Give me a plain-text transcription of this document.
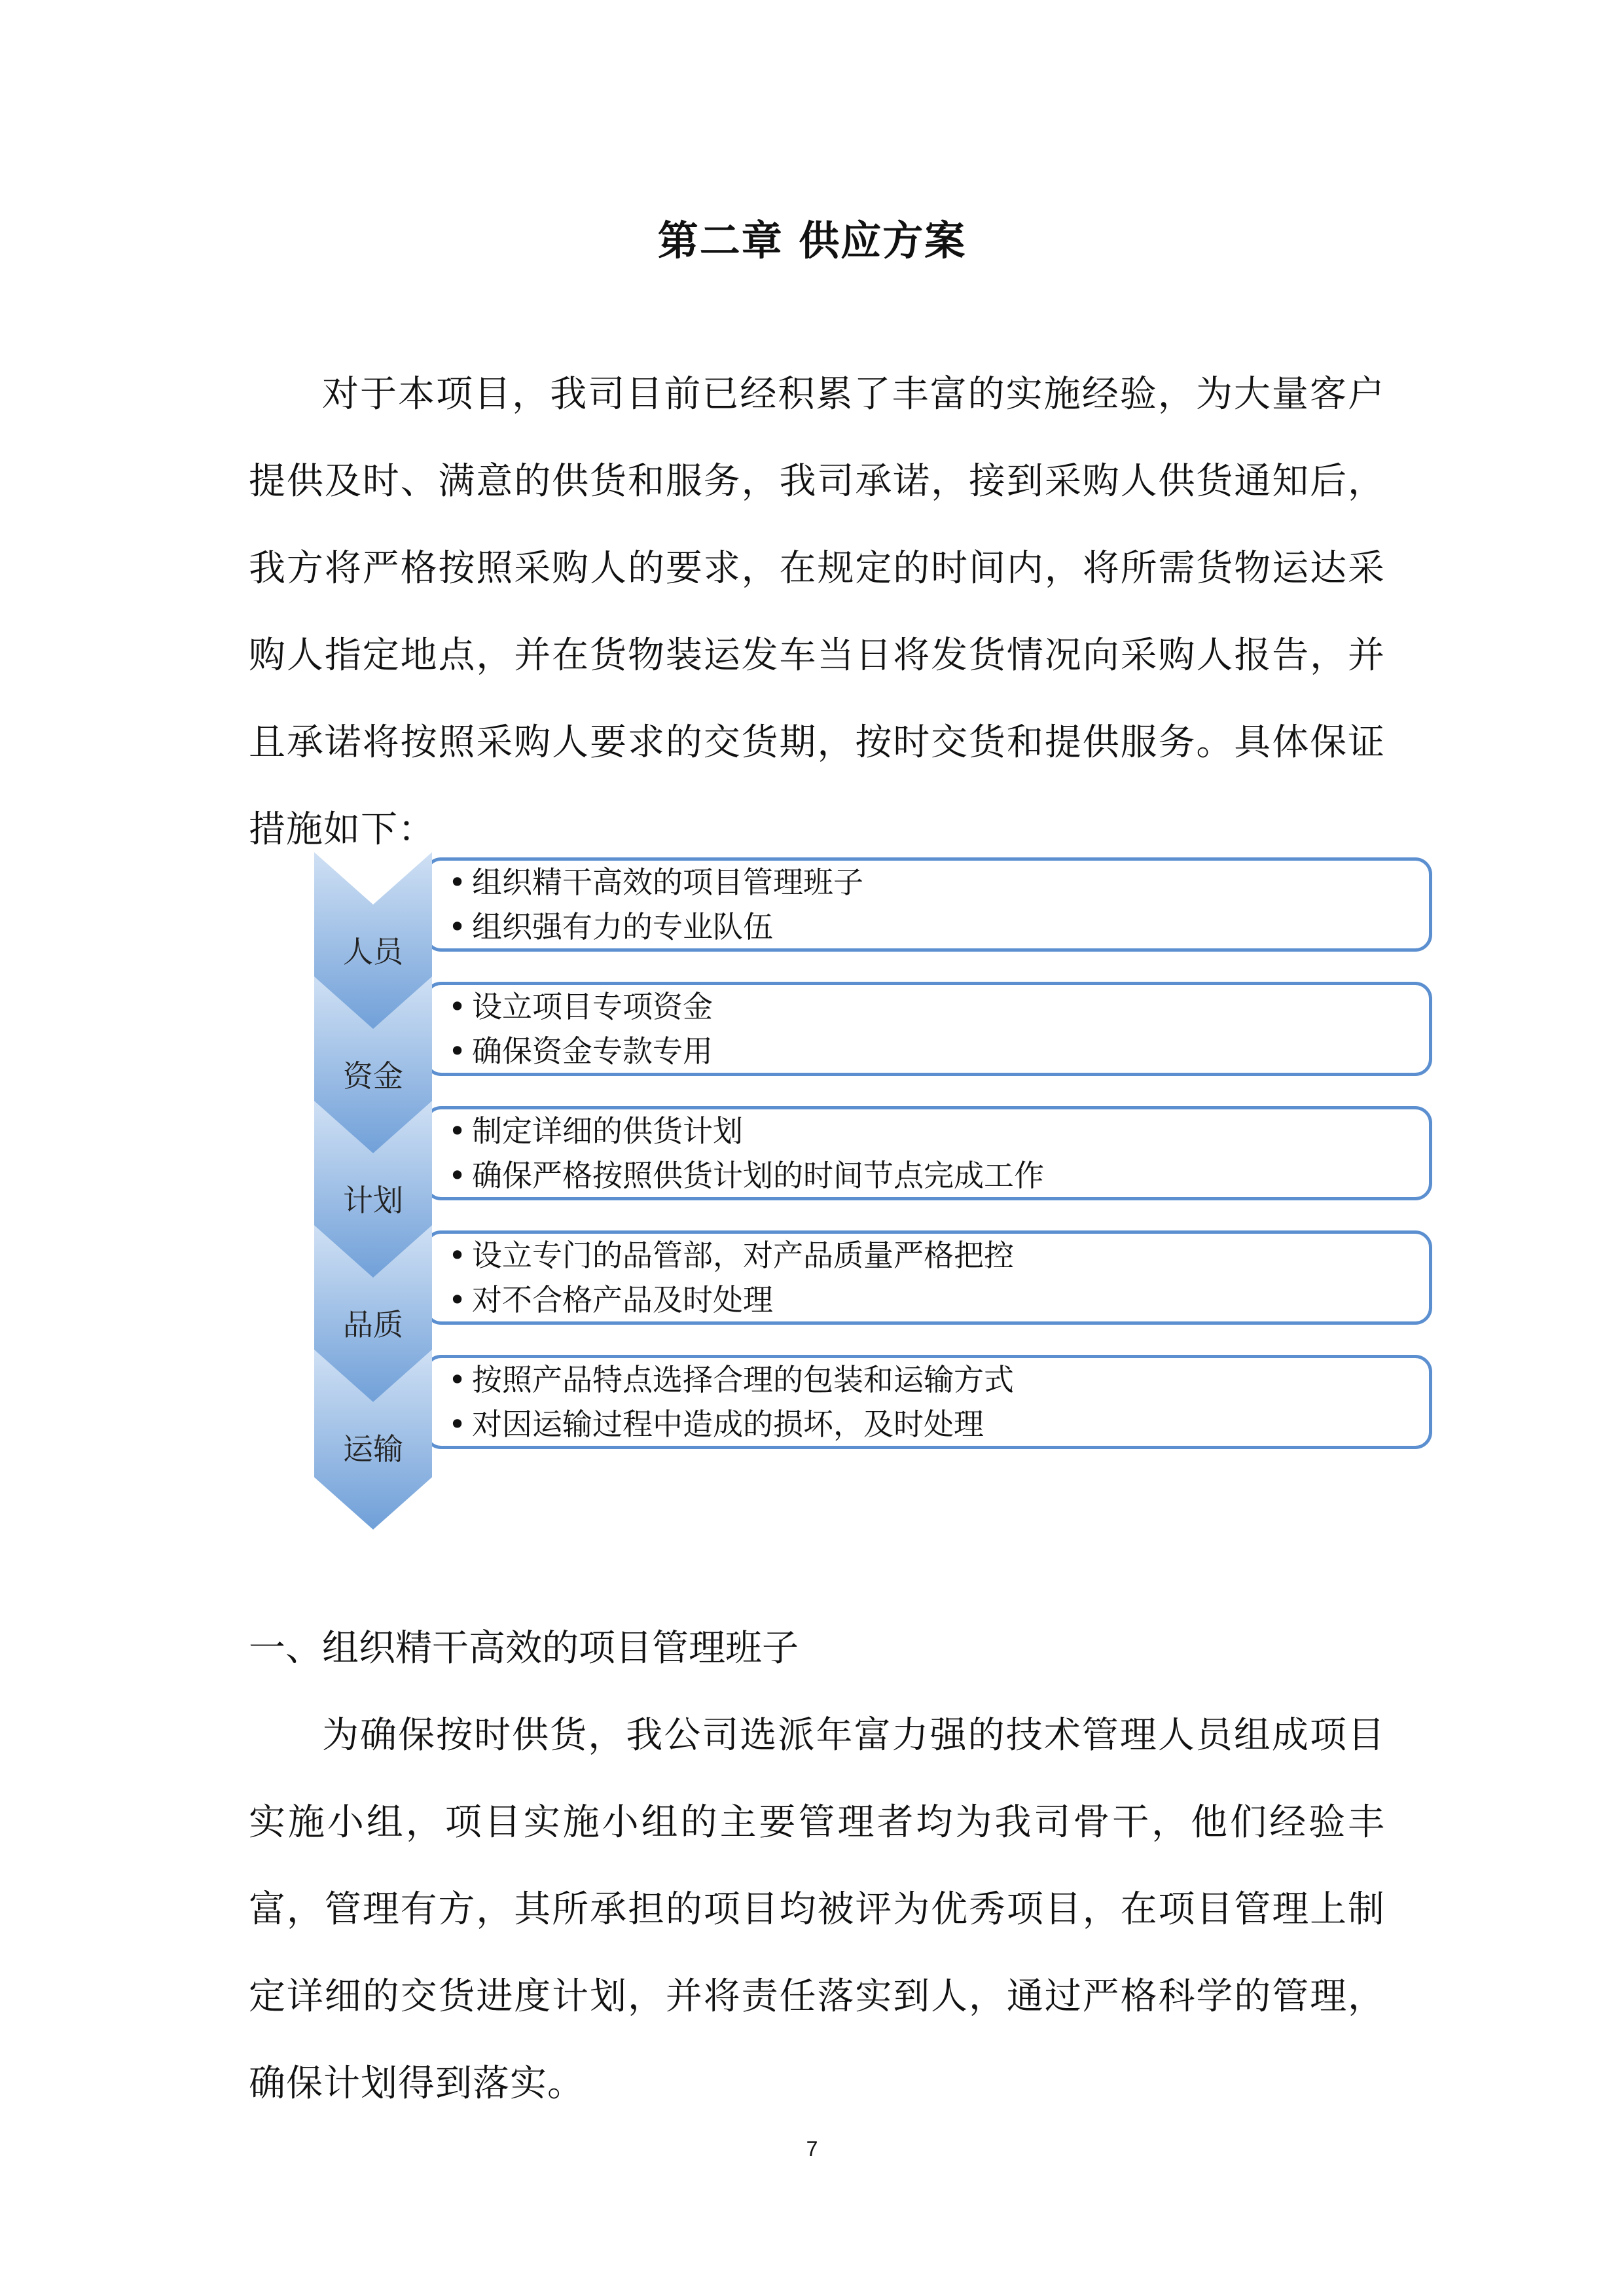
第二章 供应方案

对于本项目，我司目前已经积累了丰富的实施经验，为大量客户提供及时、满意的供货和服务，我司承诺，接到采购人供货通知后，我方将严格按照采购人的要求，在规定的时间内，将所需货物运达采购人指定地点，并在货物装运发车当日将发货情况向采购人报告，并且承诺将按照采购人要求的交货期，按时交货和提供服务。具体保证措施如下：

人员
• 组织精干高效的项目管理班子
• 组织强有力的专业队伍
资金
• 设立项目专项资金
• 确保资金专款专用
计划
• 制定详细的供货计划
• 确保严格按照供货计划的时间节点完成工作
品质
• 设立专门的品管部，对产品质量严格把控
• 对不合格产品及时处理
运输
• 按照产品特点选择合理的包装和运输方式
• 对因运输过程中造成的损坏，及时处理
一、组织精干高效的项目管理班子

为确保按时供货，我公司选派年富力强的技术管理人员组成项目实施小组，项目实施小组的主要管理者均为我司骨干，他们经验丰富，管理有方，其所承担的项目均被评为优秀项目，在项目管理上制定详细的交货进度计划，并将责任落实到人，通过严格科学的管理，确保计划得到落实。

7
